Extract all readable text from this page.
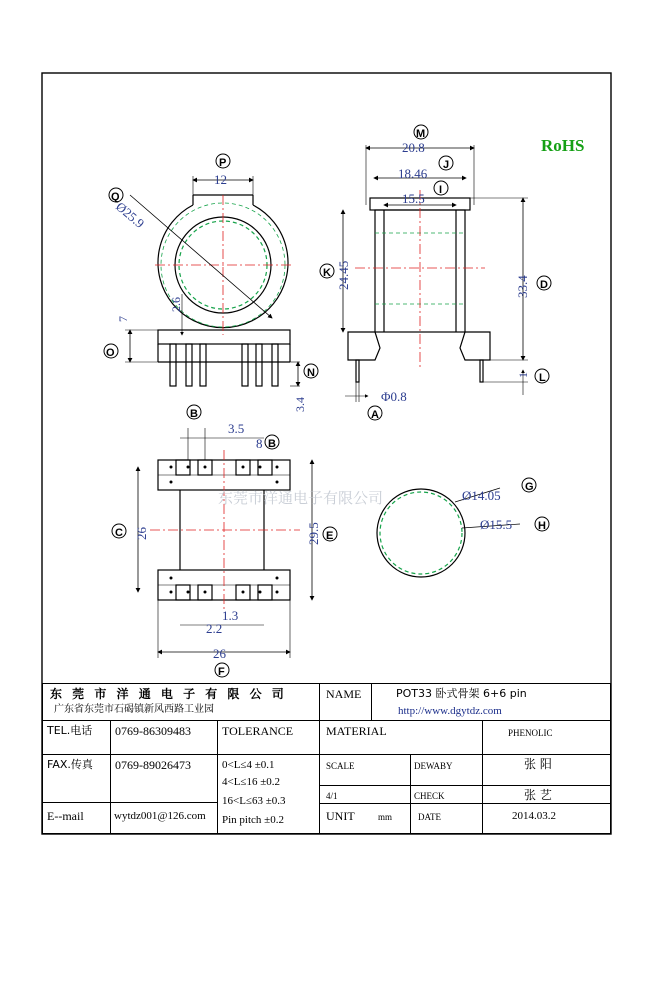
RoHS
12
Ø25.9
2.6
7
3.4
20.8
18.46
15.5
24.45	33.4
1
Φ0.8
3.5
8
26	29.5
1.3
2.2
26
Ø14.05
Ø15.5
东莞市洋通电子有限公司
M
J
I
P
Q
K
D
O
N	L
A
B
B
C	E
F
G
H
东 莞 市 洋 通 电 子 有 限 公 司
广东省东莞市石碣镇新风西路工业园
NAME	POT33 卧式骨架 6+6 pin
http://www.dgytdz.com
TEL.电话 0769-86309483	TOLERANCE	MATERIAL	PHENOLIC
FAX.传真 0769-89026473	0<L≤4 ±0.1
4<L≤16 ±0.2
16<L≤63 ±0.3
Pin pitch ±0.2
SCALE	DEWABY	张 阳
4/1	CHECK	张 艺
E--mail	wytdz001@126.com	UNIT	mm	DATE	2014.03.2
